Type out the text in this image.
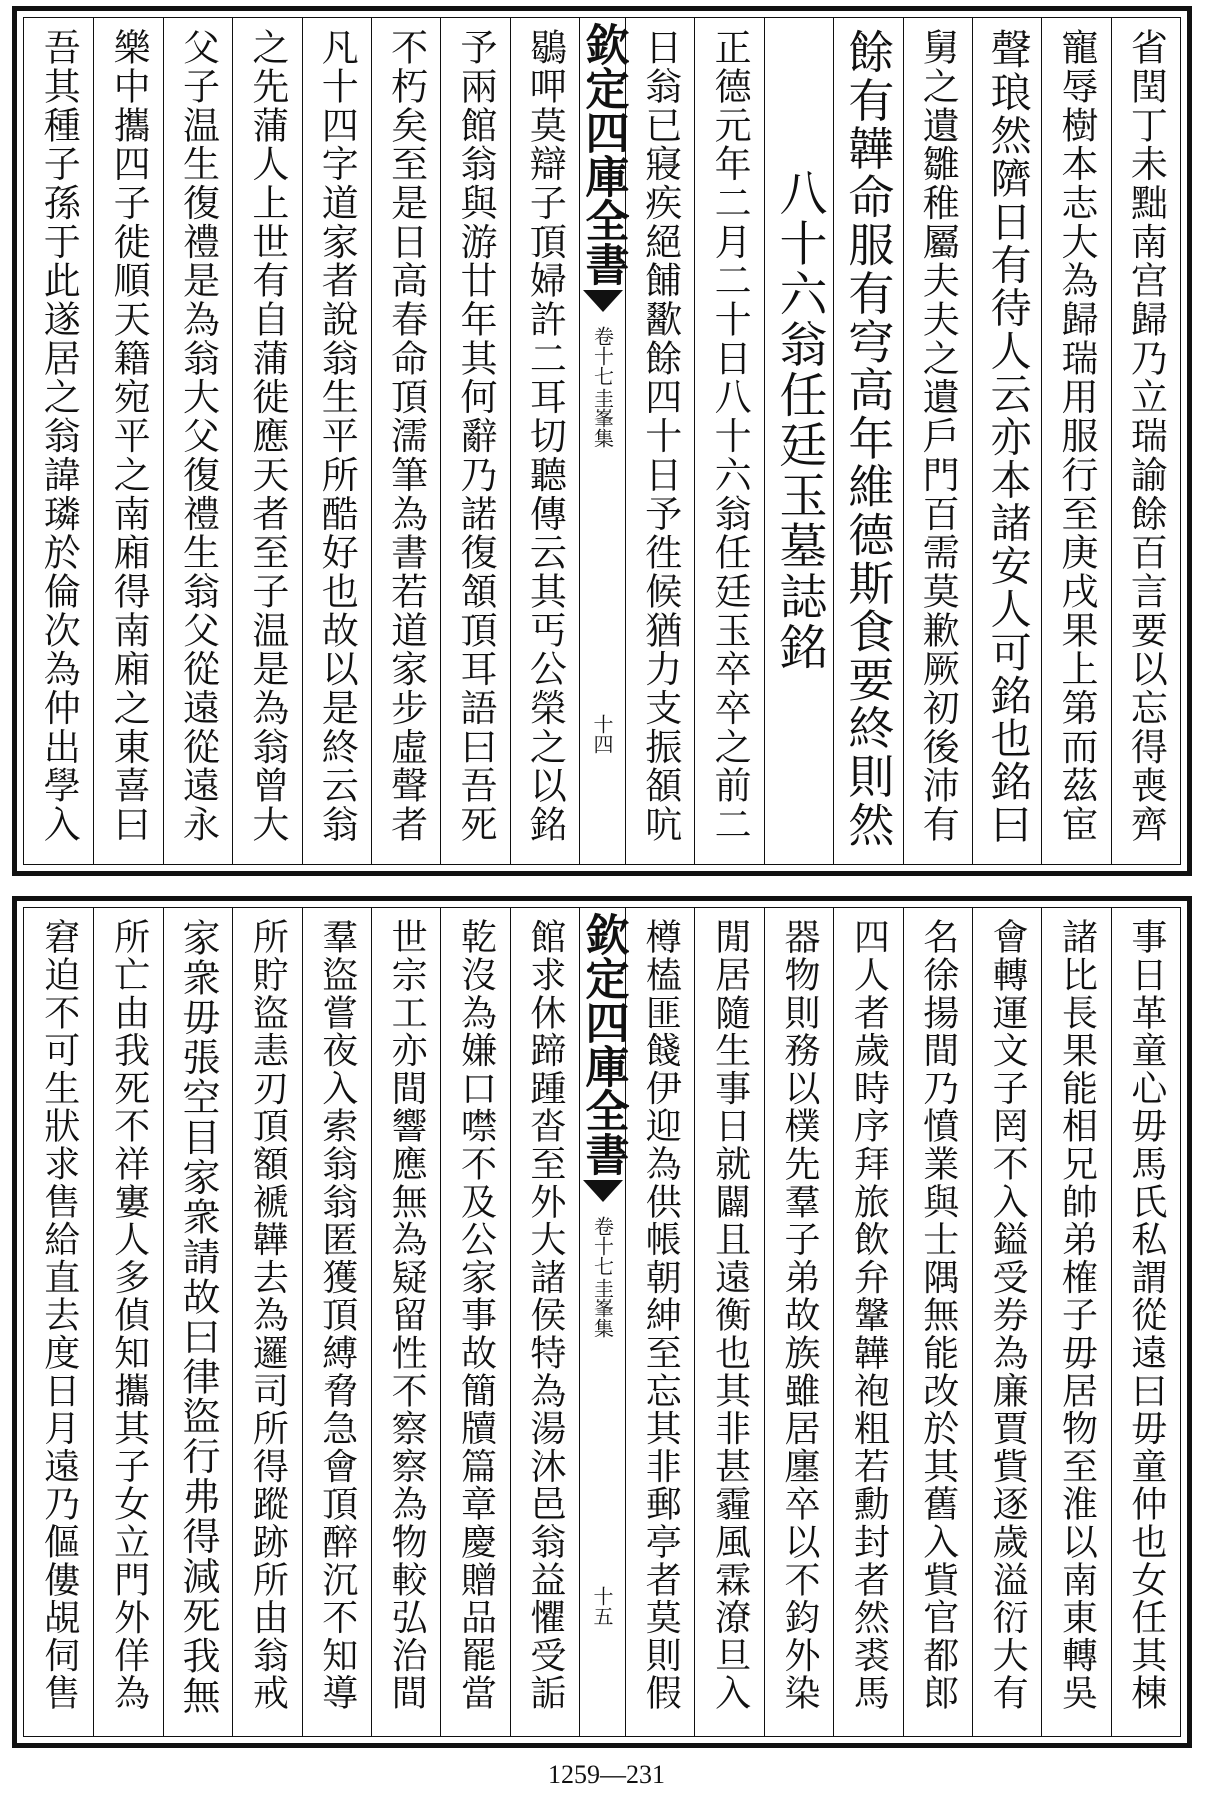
省閏丁未黜南宫歸乃立瑞諭餘百言要以忘得喪齊
寵辱樹本志大為歸瑞用服行至庚戌果上第而茲宦
聲琅然隮日有待人云亦本諸安人可銘也銘曰
舅之遺雛稚屬夫夫之遺戶門百需莫歉厥初後沛有
餘有韡命服有穹高年維德斯食要終則然
八十六翁任廷玉墓誌銘
正德元年二月二十日八十六翁任廷玉卒卒之前二
日翁已寢疾絕餔歠餘四十日予徃候猶力支振頟吭
欽定四庫全書
圭峯集
卷十七
十四
鶡呷莫辯子頂婦許二耳切聽傳云其丐公榮之以銘
予兩館翁與游廿年其何辭乃諾復頷頂耳語曰吾死
不朽矣至是日高春命頂濡筆為書若道家步虛聲者
凡十四字道家者說翁生平所酷好也故以是終云翁
之先蒲人上世有自蒲徙應天者至子温是為翁曾大
父子温生復禮是為翁大父復禮生翁父從遠從遠永
樂中攜四子徙順天籍宛平之南廂得南廂之東喜曰
吾其種子孫于此遂居之翁諱璘於倫次為仲出學入
事日革童心毋馬氏私謂從遠曰毋童仲也女任其棟
諸比長果能相兄帥弟榷子毋居物至淮以南東轉吳
會轉運文子罔不入鎰受券為廉賈貲逐歲溢衍大有
名徐揚間乃憤業與士隅無能改於其舊入貲官都郎
四人者歲時序拜旅飲弁鞶韡袍粗若勳封者然裘馬
器物則務以樸先羣子弟故族雖居廛卒以不鈞外染
閒居隨生事日就闢且遠衡也其非甚霾風霖潦旦入
樽榼匪餞伊迎為供帳朝紳至忘其非郵亭者莫則假
欽定四庫全書
圭峯集
卷十七
十五
館求休蹄踵沓至外大諸侯特為湯沐邑翁益懼受詬
乾沒為嫌口噤不及公家事故簡牘篇章慶贈品罷當
世宗工亦間響應無為疑留性不察察為物較弘治間
羣盜嘗夜入索翁翁匿獲頂縛脅急會頂醉沉不知導
所貯盜恚刃頂額褫韡去為邏司所得蹤跡所由翁戒
家衆毋張空目家衆請故曰律盜行弗得減死我無
所亡由我死不祥寠人多偵知攜其子女立門外佯為
窘迫不可生狀求售給直去度日月遠乃傴僂覘伺售
1259—231
